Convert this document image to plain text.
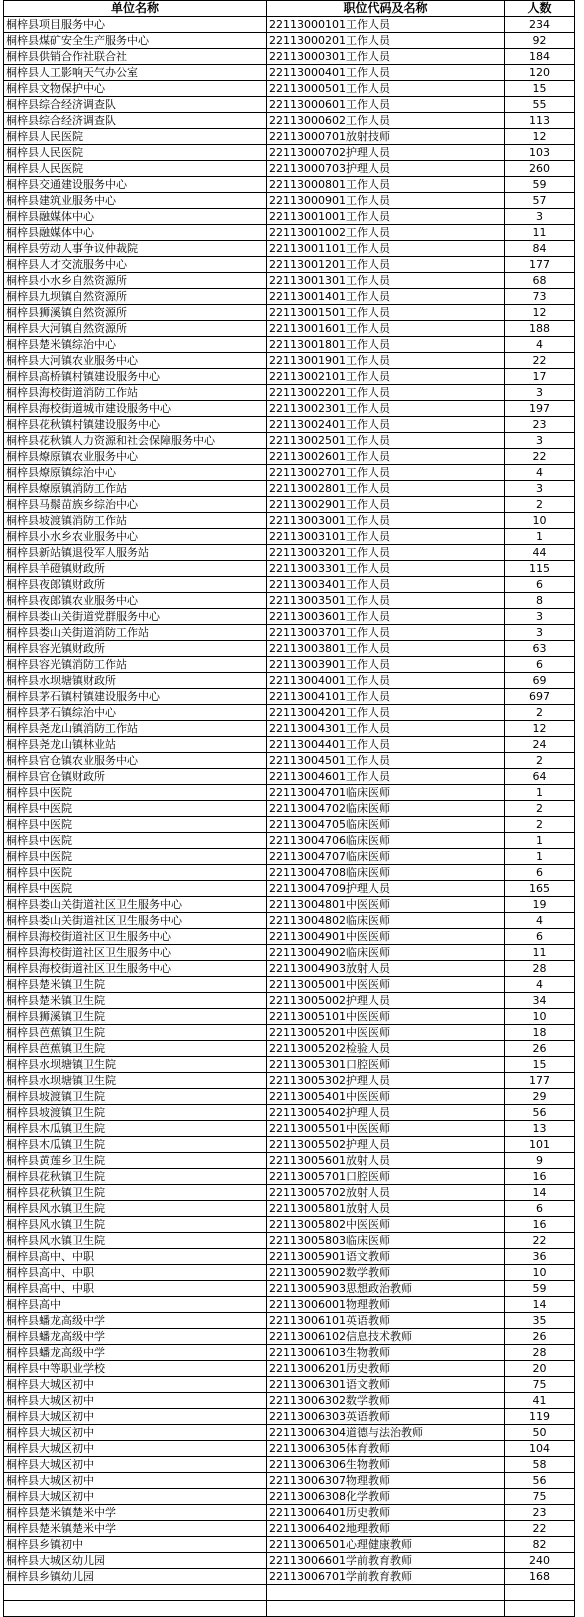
单位名称	职位代码及名称	人数
桐梓县项目服务中心	22113000101工作人员	234
桐梓县煤矿安全生产服务中心	22113000201工作人员	92
桐梓县供销合作社联合社	22113000301工作人员	184
桐梓县人工影响天气办公室	22113000401工作人员	120
桐梓县文物保护中心	22113000501工作人员	15
桐梓县综合经济调查队	22113000601工作人员	55
桐梓县综合经济调查队	22113000602工作人员	113
桐梓县人民医院	22113000701放射技师	12
桐梓县人民医院	22113000702护理人员	103
桐梓县人民医院	22113000703护理人员	260
桐梓县交通建设服务中心	22113000801工作人员	59
桐梓县建筑业服务中心	22113000901工作人员	57
桐梓县融媒体中心	22113001001工作人员	3
桐梓县融媒体中心	22113001002工作人员	11
桐梓县劳动人事争议仲裁院	22113001101工作人员	84
桐梓县人才交流服务中心	22113001201工作人员	177
桐梓县小水乡自然资源所	22113001301工作人员	68
桐梓县九坝镇自然资源所	22113001401工作人员	73
桐梓县狮溪镇自然资源所	22113001501工作人员	12
桐梓县大河镇自然资源所	22113001601工作人员	188
桐梓县楚米镇综治中心	22113001801工作人员	4
桐梓县大河镇农业服务中心	22113001901工作人员	22
桐梓县高桥镇村镇建设服务中心	22113002101工作人员	17
桐梓县海校街道消防工作站	22113002201工作人员	3
桐梓县海校街道城市建设服务中心	22113002301工作人员	197
桐梓县花秋镇村镇建设服务中心	22113002401工作人员	23
桐梓县花秋镇人力资源和社会保障服务中心	22113002501工作人员	3
桐梓县燎原镇农业服务中心	22113002601工作人员	22
桐梓县燎原镇综治中心	22113002701工作人员	4
桐梓县燎原镇消防工作站	22113002801工作人员	3
桐梓县马鬃苗族乡综治中心	22113002901工作人员	2
桐梓县坡渡镇消防工作站	22113003001工作人员	10
桐梓县小水乡农业服务中心	22113003101工作人员	1
桐梓县新站镇退役军人服务站	22113003201工作人员	44
桐梓县羊磴镇财政所	22113003301工作人员	115
桐梓县夜郎镇财政所	22113003401工作人员	6
桐梓县夜郎镇农业服务中心	22113003501工作人员	8
桐梓县娄山关街道党群服务中心	22113003601工作人员	3
桐梓县娄山关街道消防工作站	22113003701工作人员	3
桐梓县容光镇财政所	22113003801工作人员	63
桐梓县容光镇消防工作站	22113003901工作人员	6
桐梓县水坝塘镇财政所	22113004001工作人员	69
桐梓县茅石镇村镇建设服务中心	22113004101工作人员	697
桐梓县茅石镇综治中心	22113004201工作人员	2
桐梓县尧龙山镇消防工作站	22113004301工作人员	12
桐梓县尧龙山镇林业站	22113004401工作人员	24
桐梓县官仓镇农业服务中心	22113004501工作人员	2
桐梓县官仓镇财政所	22113004601工作人员	64
桐梓县中医院	22113004701临床医师	1
桐梓县中医院	22113004702临床医师	2
桐梓县中医院	22113004705临床医师	2
桐梓县中医院	22113004706临床医师	1
桐梓县中医院	22113004707临床医师	1
桐梓县中医院	22113004708临床医师	6
桐梓县中医院	22113004709护理人员	165
桐梓县娄山关街道社区卫生服务中心	22113004801中医医师	19
桐梓县娄山关街道社区卫生服务中心	22113004802临床医师	4
桐梓县海校街道社区卫生服务中心	22113004901中医医师	6
桐梓县海校街道社区卫生服务中心	22113004902临床医师	11
桐梓县海校街道社区卫生服务中心	22113004903放射人员	28
桐梓县楚米镇卫生院	22113005001中医医师	4
桐梓县楚米镇卫生院	22113005002护理人员	34
桐梓县狮溪镇卫生院	22113005101中医医师	10
桐梓县芭蕉镇卫生院	22113005201中医医师	18
桐梓县芭蕉镇卫生院	22113005202检验人员	26
桐梓县水坝塘镇卫生院	22113005301口腔医师	15
桐梓县水坝塘镇卫生院	22113005302护理人员	177
桐梓县坡渡镇卫生院	22113005401中医医师	29
桐梓县坡渡镇卫生院	22113005402护理人员	56
桐梓县木瓜镇卫生院	22113005501中医医师	13
桐梓县木瓜镇卫生院	22113005502护理人员	101
桐梓县黄莲乡卫生院	22113005601放射人员	9
桐梓县花秋镇卫生院	22113005701口腔医师	16
桐梓县花秋镇卫生院	22113005702放射人员	14
桐梓县风水镇卫生院	22113005801放射人员	6
桐梓县风水镇卫生院	22113005802中医医师	16
桐梓县风水镇卫生院	22113005803临床医师	22
桐梓县高中、中职	22113005901语文教师	36
桐梓县高中、中职	22113005902数学教师	10
桐梓县高中、中职	22113005903思想政治教师	59
桐梓县高中	22113006001物理教师	14
桐梓县蟠龙高级中学	22113006101英语教师	35
桐梓县蟠龙高级中学	22113006102信息技术教师	26
桐梓县蟠龙高级中学	22113006103生物教师	28
桐梓县中等职业学校	22113006201历史教师	20
桐梓县大城区初中	22113006301语文教师	75
桐梓县大城区初中	22113006302数学教师	41
桐梓县大城区初中	22113006303英语教师	119
桐梓县大城区初中	22113006304道德与法治教师	50
桐梓县大城区初中	22113006305体育教师	104
桐梓县大城区初中	22113006306生物教师	58
桐梓县大城区初中	22113006307物理教师	56
桐梓县大城区初中	22113006308化学教师	75
桐梓县楚米镇楚米中学	22113006401历史教师	23
桐梓县楚米镇楚米中学	22113006402地理教师	22
桐梓县乡镇初中	22113006501心理健康教师	82
桐梓县大城区幼儿园	22113006601学前教育教师	240
桐梓县乡镇幼儿园	22113006701学前教育教师	168
